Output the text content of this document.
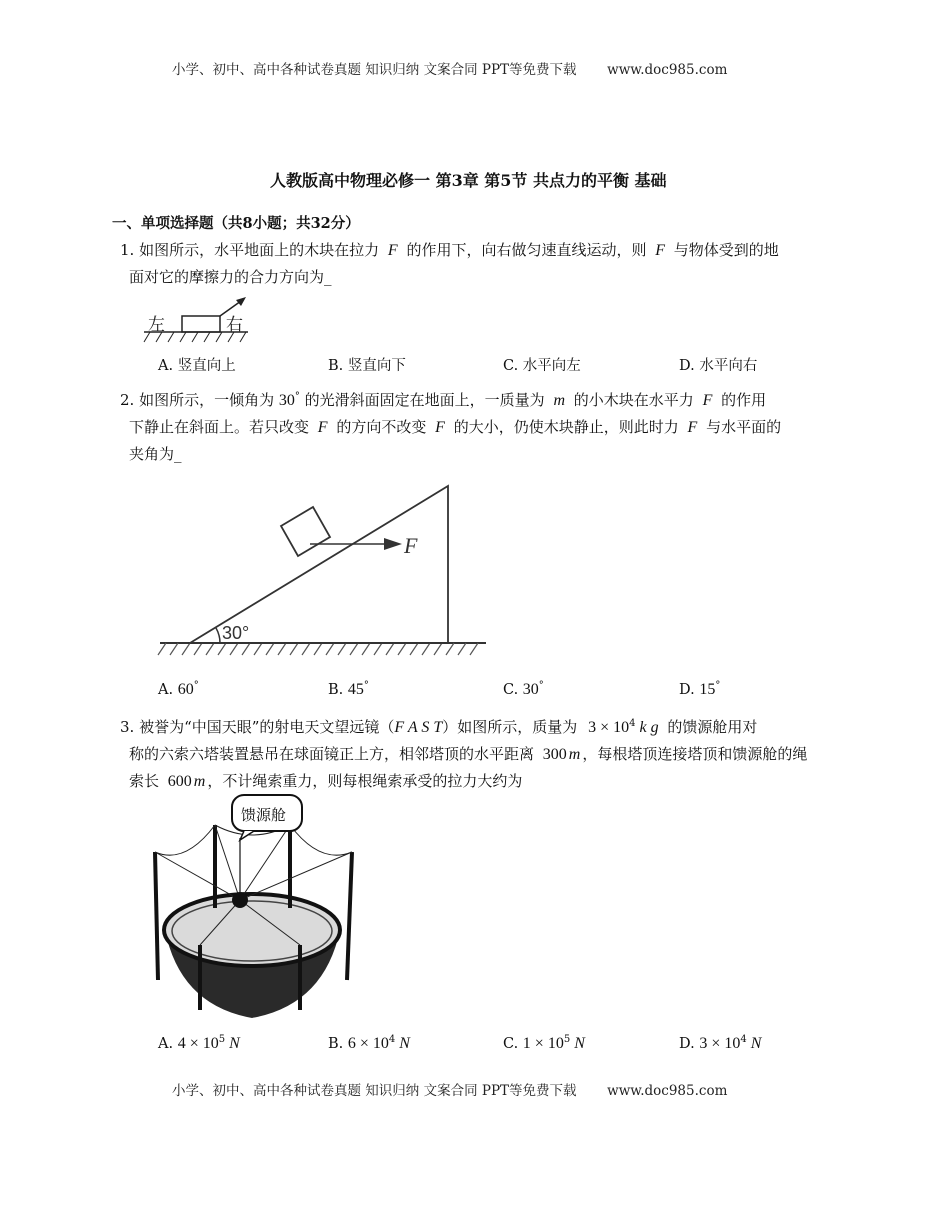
小学、初中、高中各种试卷真题 知识归纳 文案合同 PPT等免费下载 www.doc985.com
人教版高中物理必修一 第3章 第5节 共点力的平衡 基础
一、单项选择题（共8小题；共32分）
1. 如图所示，水平地面上的木块在拉力 F 的作用下，向右做匀速直线运动，则 F 与物体受到的地
面对它的摩擦力的合力方向为_
左	右
A. 竖直向上	B. 竖直向下	C. 水平向左	D. 水平向右
2. 如图所示，一倾角为 30° 的光滑斜面固定在地面上，一质量为 m 的小木块在水平力 F 的作用
下静止在斜面上。若只改变 F 的方向不改变 F 的大小，仍使木块静止，则此时力 F 与水平面的
夹角为_
F
30°
A. 60°	B. 45°	C. 30°	D. 15°
3. 被誉为“中国天眼”的射电天文望远镜（F A S T）如图所示，质量为 $3 \times 10^4$ k g 的馈源舱用对
称的六索六塔装置悬吊在球面镜正上方，相邻塔顶的水平距离 300 m ，每根塔顶连接塔顶和馈源舱的绳
索长 600 m ，不计绳索重力，则每根绳索承受的拉力大约为
馈源舱
A. $4 \times 10^5$ N	B. $6 \times 10^4$ N	C. $1 \times 10^5$ N	D. $3 \times 10^4$ N
小学、初中、高中各种试卷真题 知识归纳 文案合同 PPT等免费下载 www.doc985.com
